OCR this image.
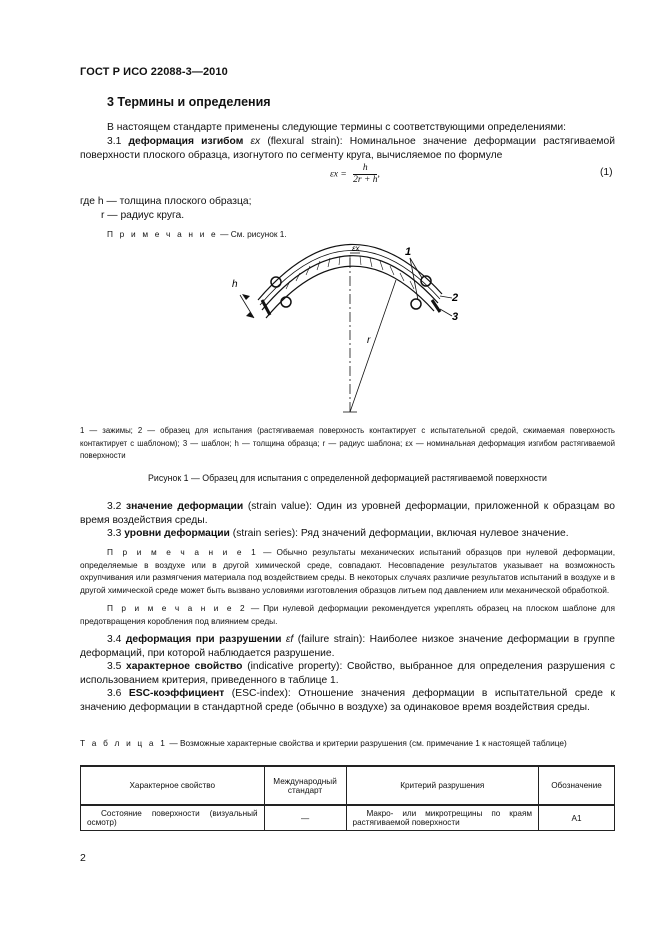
ГОСТ Р ИСО 22088-3—2010
3 Термины и определения
В настоящем стандарте применены следующие термины с соответствующими определениями:
3.1 деформация изгибом εx (flexural strain): Номинальное значение деформации растягиваемой поверхности плоского образца, изогнутого по сегменту круга, вычисляемое по формуле
$\varepsilon x = \frac{h}{2r + h}$ ,	(1)
где h — толщина плоского образца;
r — радиус круга.
П р и м е ч а н и е — См. рисунок 1.
1
2
3
h
r
εx
1 — зажимы; 2 — образец для испытания (растягиваемая поверхность контактирует с испытательной средой, сжимаемая поверхность контактирует с шаблоном); 3 — шаблон; h — толщина образца; r — радиус шаблона; εx — номинальная деформация изгибом растягиваемой поверхности
Рисунок 1 — Образец для испытания с определенной деформацией растягиваемой поверхности
3.2 значение деформации (strain value): Один из уровней деформации, приложенной к образцам во время воздействия среды.
3.3 уровни деформации (strain series): Ряд значений деформации, включая нулевое значение.
П р и м е ч а н и е 1 — Обычно результаты механических испытаний образцов при нулевой деформации, определяемые в воздухе или в другой химической среде, совпадают. Несовпадение результатов указывает на возможность охрупчивания или размягчения материала под воздействием среды. В некоторых случаях различие результатов испытаний в воздухе и в другой химической среде может быть вызвано условиями изготовления образцов литьем под давлением или механической обработкой.
П р и м е ч а н и е 2 — При нулевой деформации рекомендуется укреплять образец на плоском шаблоне для предотвращения коробления под влиянием среды.
3.4 деформация при разрушении εf (failure strain): Наиболее низкое значение деформации в группе деформаций, при которой наблюдается разрушение.
3.5 характерное свойство (indicative property): Свойство, выбранное для определения разрушения с использованием критерия, приведенного в таблице 1.
3.6 ESC-коэффициент (ESC-index): Отношение значения деформации в испытательной среде к значению деформации в стандартной среде (обычно в воздухе) за одинаковое время воздействия среды.
Т а б л и ц а 1 — Возможные характерные свойства и критерии разрушения (см. примечание 1 к настоящей таблице)
Характерное свойство	Международный стандарт	Критерий разрушения	Обозначение
Состояние поверхности (визуальный осмотр)	—	Макро- или микротрещины по краям растягиваемой поверхности	A1
2
